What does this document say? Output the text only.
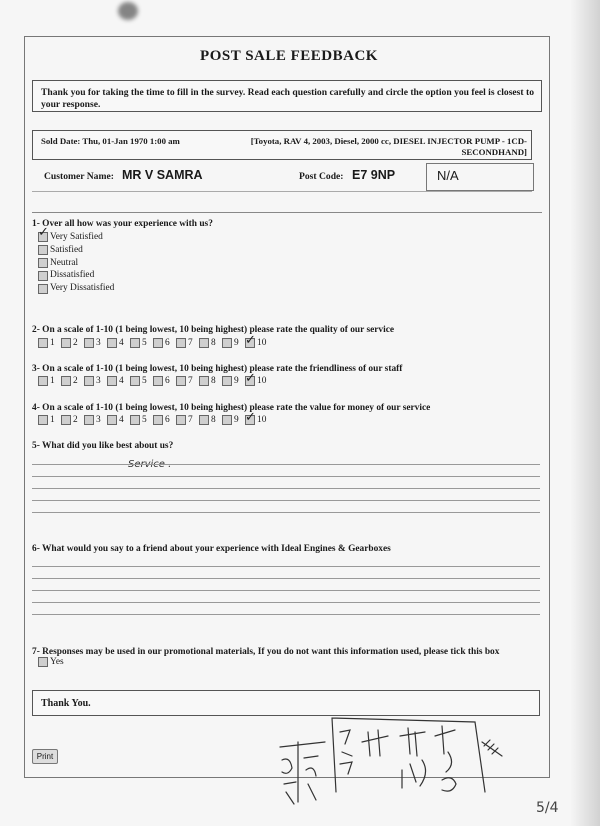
POST SALE FEEDBACK
Thank you for taking the time to fill in the survey. Read each question carefully and circle the option you feel is closest to your response.
Sold Date: Thu, 01-Jan 1970 1:00 am	[Toyota, RAV 4, 2003, Diesel, 2000 cc, DIESEL INJECTOR PUMP - 1CD-
SECONDHAND]
Customer Name: MR V SAMRA	Post Code: E7 9NP	N/A
1- Over all how was your experience with us?
✓ Very Satisfied
Satisfied
Neutral
Dissatisfied
Very Dissatisfied
2- On a scale of 1-10 (1 being lowest, 10 being highest) please rate the quality of our service
1 2 3 4 5 6 7 8 9 ✓ 10
3- On a scale of 1-10 (1 being lowest, 10 being highest) please rate the friendliness of our staff
1 2 3 4 5 6 7 8 9 ✓ 10
4- On a scale of 1-10 (1 being lowest, 10 being highest) please rate the value for money of our service
1 2 3 4 5 6 7 8 9 ✓ 10
5- What did you like best about us?
6- What would you say to a friend about your experience with Ideal Engines & Gearboxes
7- Responses may be used in our promotional materials, If you do not want this information used, please tick this box
Yes
Thank You.
Print
5/4
